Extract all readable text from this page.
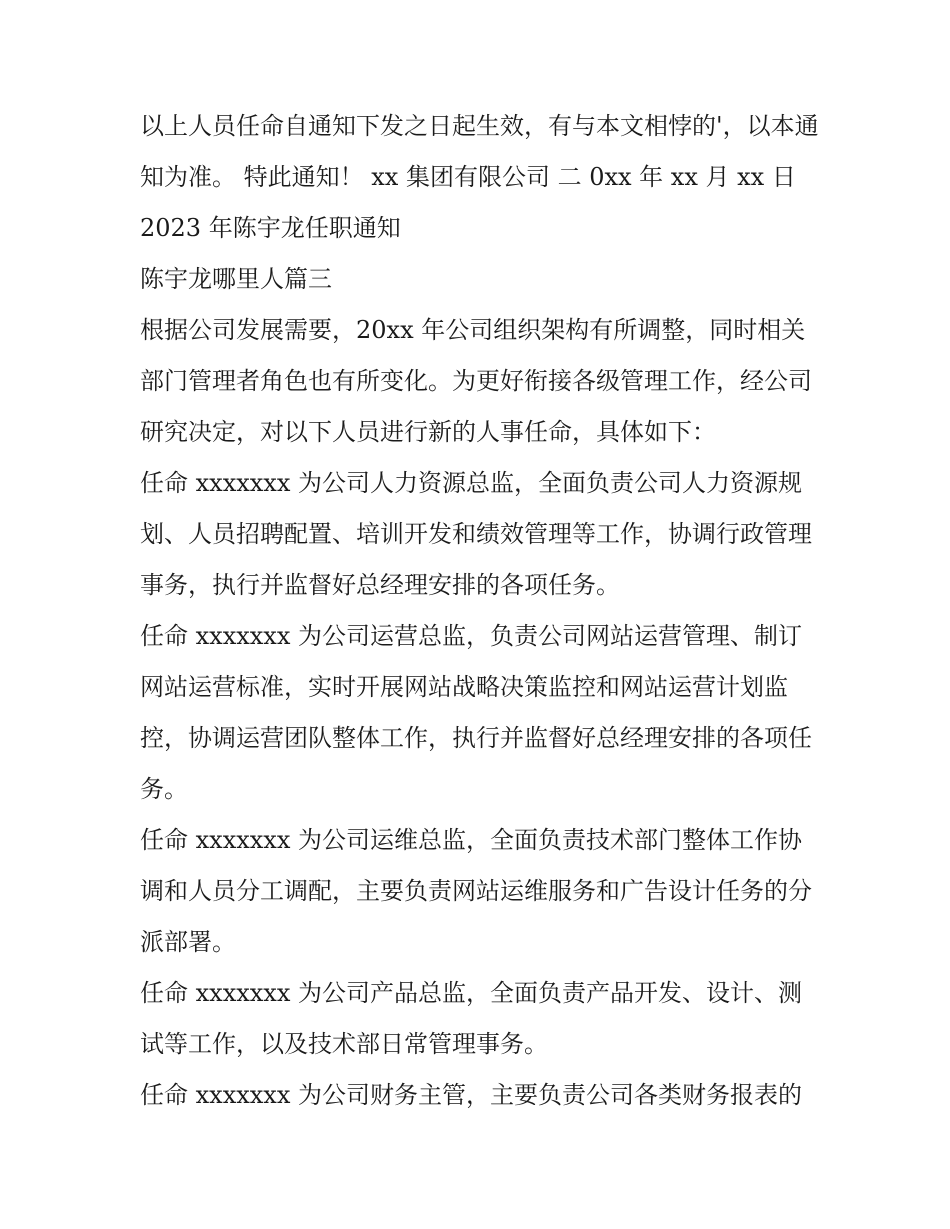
以上人员任命自通知下发之日起生效，有与本文相悖的'，以本通知为准。 特此通知！ xx 集团有限公司 二 0xx 年 xx 月 xx 日 2023 年陈宇龙任职通知

陈宇龙哪里人篇三

根据公司发展需要，20xx 年公司组织架构有所调整，同时相关部门管理者角色也有所变化。为更好衔接各级管理工作，经公司研究决定，对以下人员进行新的人事任命，具体如下：

任命 xxxxxxx 为公司人力资源总监，全面负责公司人力资源规划、人员招聘配置、培训开发和绩效管理等工作，协调行政管理事务，执行并监督好总经理安排的各项任务。

任命 xxxxxxx 为公司运营总监，负责公司网站运营管理、制订网站运营标准，实时开展网站战略决策监控和网站运营计划监控，协调运营团队整体工作，执行并监督好总经理安排的各项任务。

任命 xxxxxxx 为公司运维总监，全面负责技术部门整体工作协调和人员分工调配，主要负责网站运维服务和广告设计任务的分派部署。

任命 xxxxxxx 为公司产品总监，全面负责产品开发、设计、测试等工作，以及技术部日常管理事务。

任命 xxxxxxx 为公司财务主管，主要负责公司各类财务报表的
